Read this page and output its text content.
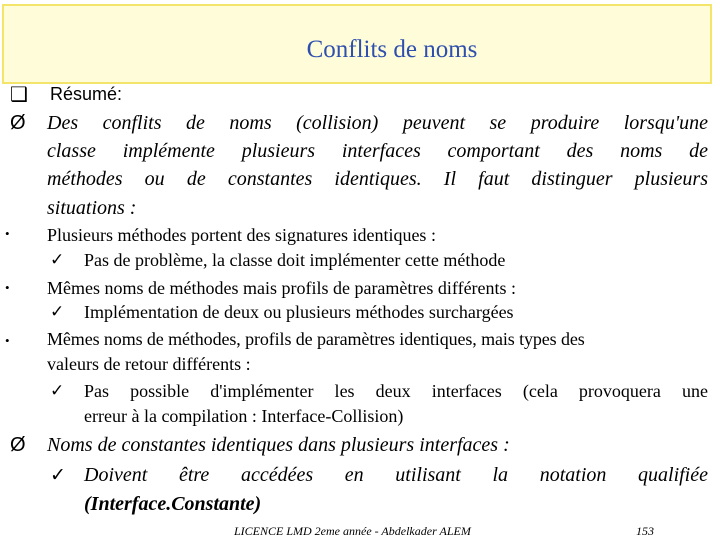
Conflits de noms
❑ Résumé:
Ø Des conflits de noms (collision) peuvent se produire lorsqu'une
classe implémente plusieurs interfaces comportant des noms de
méthodes ou de constantes identiques. Il faut distinguer plusieurs
situations :
• Plusieurs méthodes portent des signatures identiques :
✓ Pas de problème, la classe doit implémenter cette méthode
• Mêmes noms de méthodes mais profils de paramètres différents :
✓ Implémentation de deux ou plusieurs méthodes surchargées
• Mêmes noms de méthodes, profils de paramètres identiques, mais types des
valeurs de retour différents :
✓ Pas possible d'implémenter les deux interfaces (cela provoquera une
erreur à la compilation : Interface-Collision)
Ø Noms de constantes identiques dans plusieurs interfaces :
✓ Doivent être accédées en utilisant la notation qualifiée
(Interface.Constante)
LICENCE LMD 2eme année - Abdelkader ALEM	153
